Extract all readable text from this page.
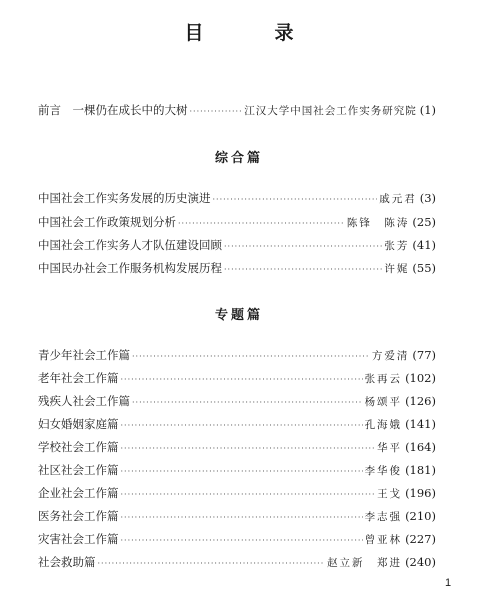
目　录
前言　一棵仍在成长中的大树 ·····	江汉大学中国社会工作实务研究院 (1)
综合篇
中国社会工作实务发展的历史演进 ·····	戚元君 (3)
中国社会工作政策规划分析 ·····	陈锋　陈涛 (25)
中国社会工作实务人才队伍建设回顾 ·····	张芳 (41)
中国民办社会工作服务机构发展历程 ·····	许娓 (55)
专题篇
青少年社会工作篇 ·····	方爱清 (77)
老年社会工作篇 ·····	张再云 (102)
残疾人社会工作篇 ·····	杨颂平 (126)
妇女婚姻家庭篇 ·····	孔海娥 (141)
学校社会工作篇 ·····	华平 (164)
社区社会工作篇 ·····	李华俊 (181)
企业社会工作篇 ·····	王戈 (196)
医务社会工作篇 ·····	李志强 (210)
灾害社会工作篇 ·····	曾亚林 (227)
社会救助篇 ·····	赵立新　郑进 (240)
1
